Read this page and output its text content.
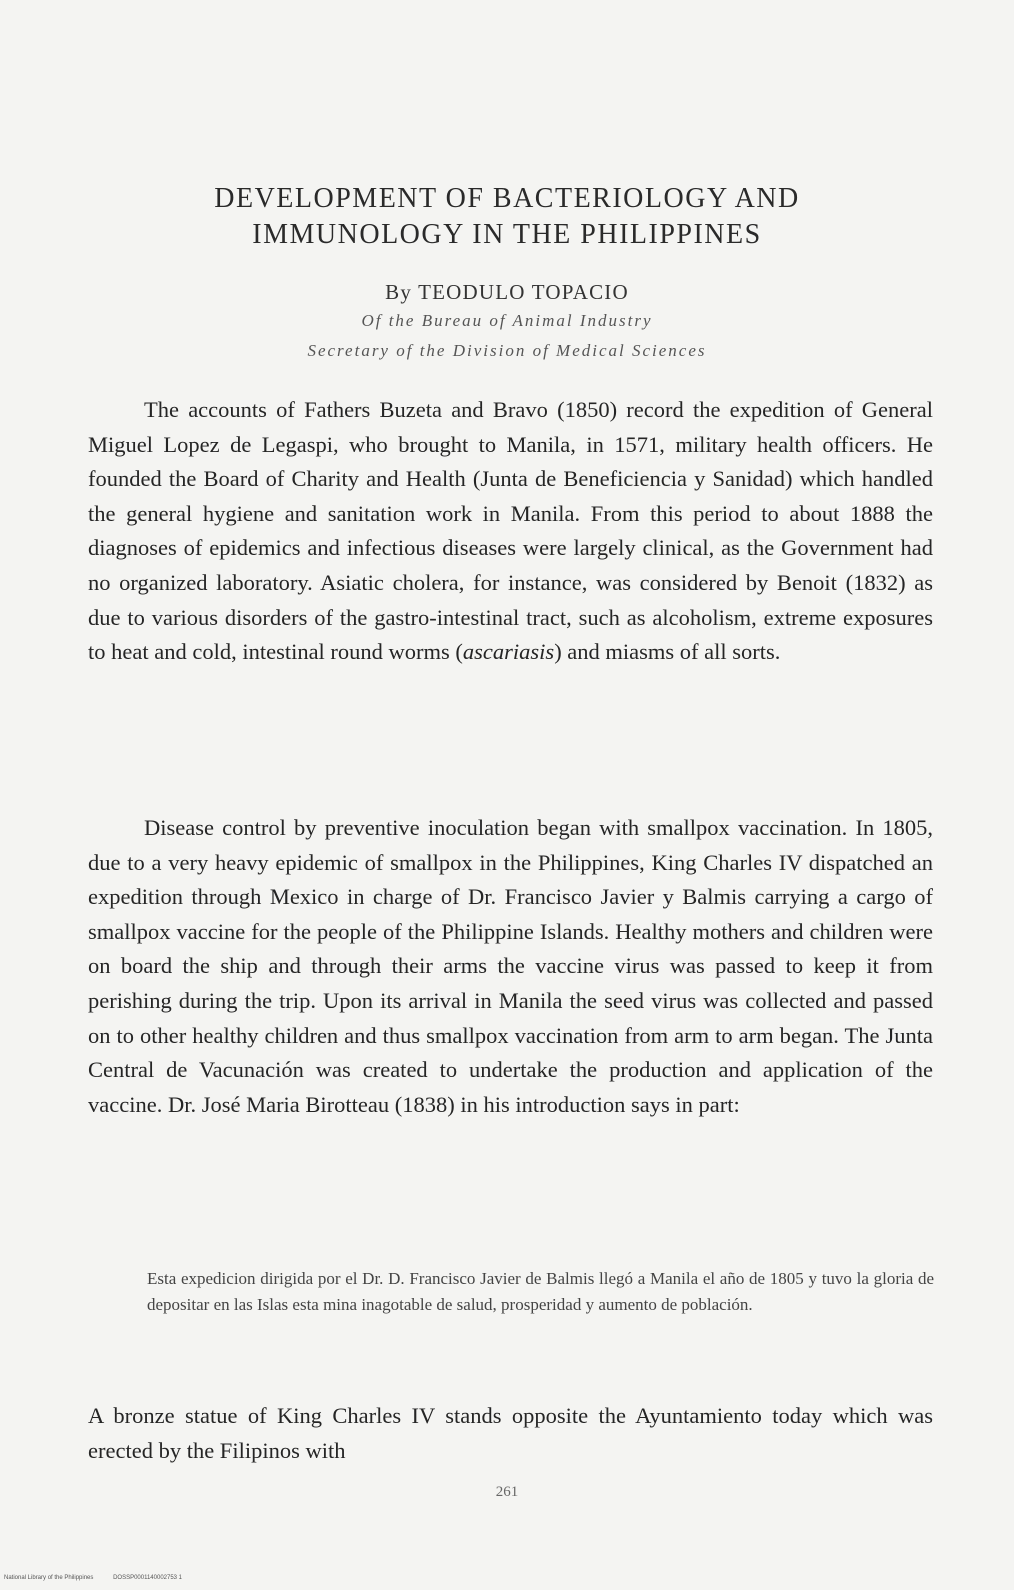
DEVELOPMENT OF BACTERIOLOGY AND
IMMUNOLOGY IN THE PHILIPPINES
By TEODULO TOPACIO
Of the Bureau of Animal Industry
Secretary of the Division of Medical Sciences

The accounts of Fathers Buzeta and Bravo (1850) record the expedition of General Miguel Lopez de Legaspi, who brought to Manila, in 1571, military health officers. He founded the Board of Charity and Health (Junta de Beneficiencia y Sanidad) which handled the general hygiene and sanitation work in Manila. From this period to about 1888 the diagnoses of epidemics and infectious diseases were largely clinical, as the Government had no organized laboratory. Asiatic cholera, for instance, was considered by Benoit (1832) as due to various disorders of the gastro-intestinal tract, such as alcoholism, extreme exposures to heat and cold, intestinal round worms (ascariasis) and miasms of all sorts.

Disease control by preventive inoculation began with smallpox vaccination. In 1805, due to a very heavy epidemic of smallpox in the Philippines, King Charles IV dispatched an expedition through Mexico in charge of Dr. Francisco Javier y Balmis carrying a cargo of smallpox vaccine for the people of the Philippine Islands. Healthy mothers and children were on board the ship and through their arms the vaccine virus was passed to keep it from perishing during the trip. Upon its arrival in Manila the seed virus was collected and passed on to other healthy children and thus smallpox vaccination from arm to arm began. The Junta Central de Vacunación was created to undertake the production and application of the vaccine. Dr. José Maria Birotteau (1838) in his introduction says in part:

Esta expedicion dirigida por el Dr. D. Francisco Javier de Balmis llegó a Manila el año de 1805 y tuvo la gloria de depositar en las Islas esta mina inagotable de salud, prosperidad y aumento de población.

A bronze statue of King Charles IV stands opposite the Ayuntamiento today which was erected by the Filipinos with

261
National Library of the Philippines	DOSSP0001140002753 1
